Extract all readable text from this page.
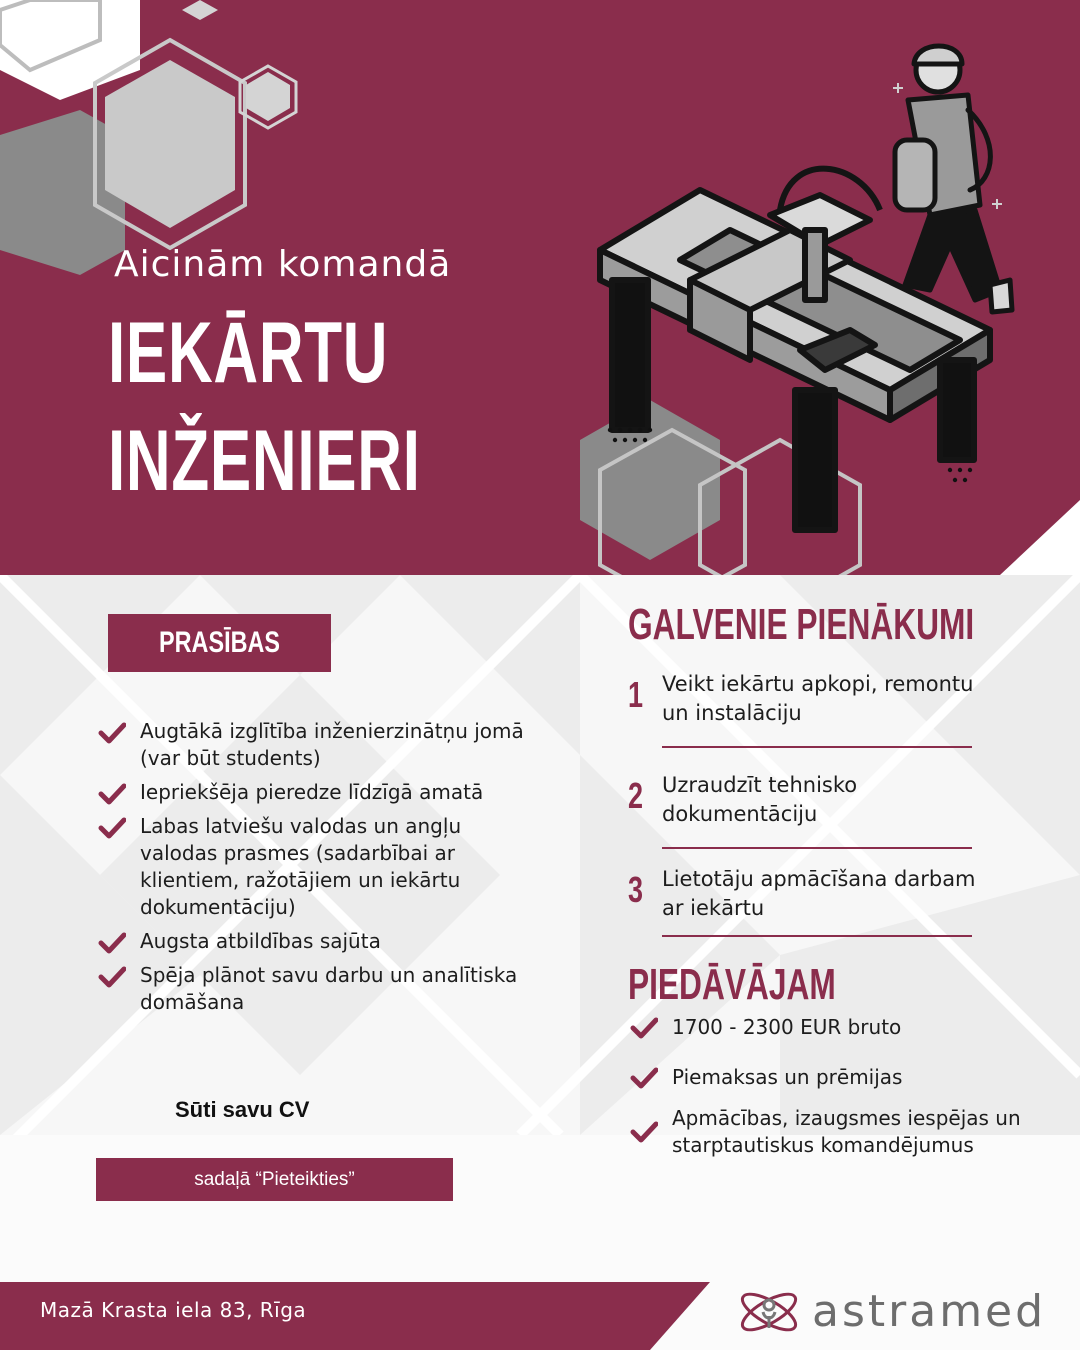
Aicinām komandā
IEKĀRTU
INŽENIERI
PRASĪBAS
Augtākā izglītība inženierzinātņu jomā (var būt students)
Iepriekšēja pieredze līdzīgā amatā
Labas latviešu valodas un angļu valodas prasmes (sadarbībai ar klientiem, ražotājiem un iekārtu dokumentāciju)
Augsta atbildības sajūta
Spēja plānot savu darbu un analītiska domāšana
Sūti savu CV
sadaļā “Pieteikties”
GALVENIE PIENĀKUMI
1 Veikt iekārtu apkopi, remontu un instalāciju
2 Uzraudzīt tehnisko dokumentāciju
3 Lietotāju apmācīšana darbam ar iekārtu
PIEDĀVĀJAM
1700 - 2300 EUR bruto
Piemaksas un prēmijas
Apmācības, izaugsmes iespējas un starptautiskus komandējumus
Mazā Krasta iela 83, Rīga	astramed
